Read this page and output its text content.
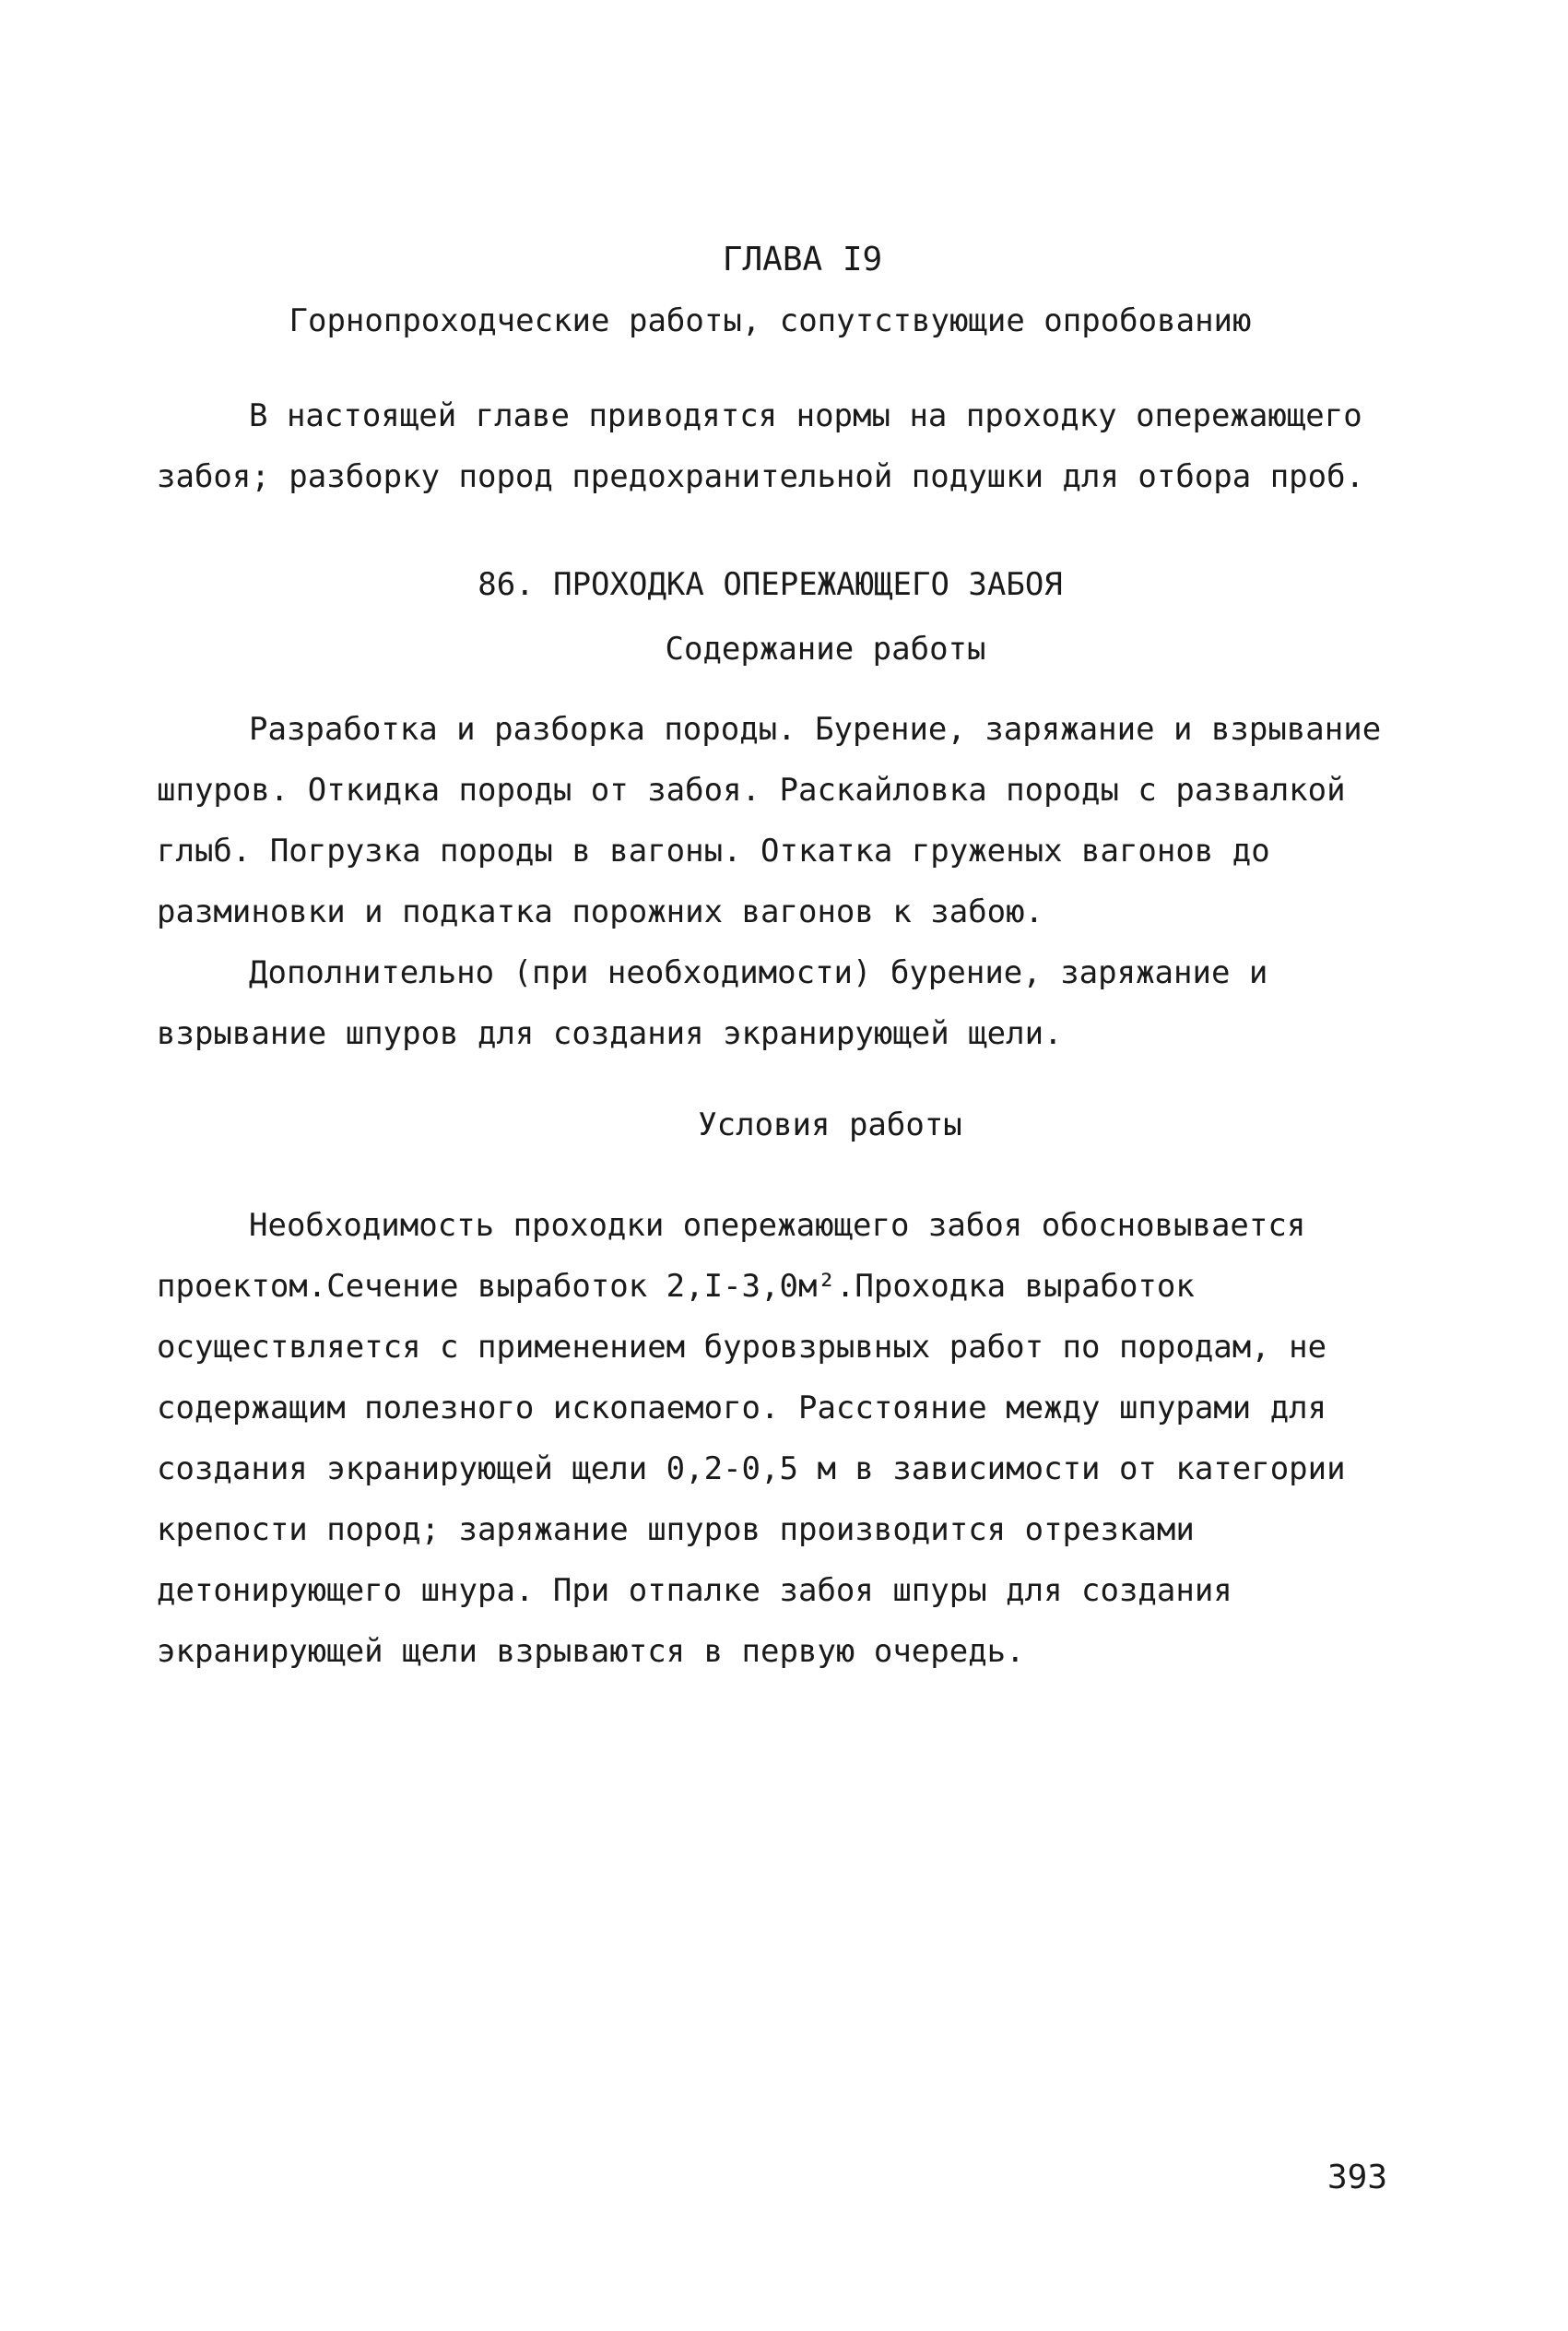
ГЛАВА I9
Горнопроходческие работы, сопутствующие опробованию

В настоящей главе приводятся нормы на проходку опережающего забоя; разборку пород предохранительной подушки для отбора проб.

86. ПРОХОДКА ОПЕРЕЖАЮЩЕГО ЗАБОЯ
Содержание работы

Разработка и разборка породы. Бурение, заряжание и взрывание шпуров. Откидка породы от забоя. Раскайловка породы с развалкой глыб. Погрузка породы в вагоны. Откатка груженых вагонов до разминовки и подкатка порожних вагонов к забою.

Дополнительно (при необходимости) бурение, заряжание и взрывание шпуров для создания экранирующей щели.

Условия работы

Необходимость проходки опережающего забоя обосновывается проектом.Сечение выработок 2,I-3,0м².Проходка выработок осуществляется с применением буровзрывных работ по породам, не содержащим полезного ископаемого. Расстояние между шпурами для создания экранирующей щели 0,2-0,5 м в зависимости от категории крепости пород; заряжание шпуров производится отрезками детонирующего шнура. При отпалке забоя шпуры для создания экранирующей щели взрываются в первую очередь.

393
